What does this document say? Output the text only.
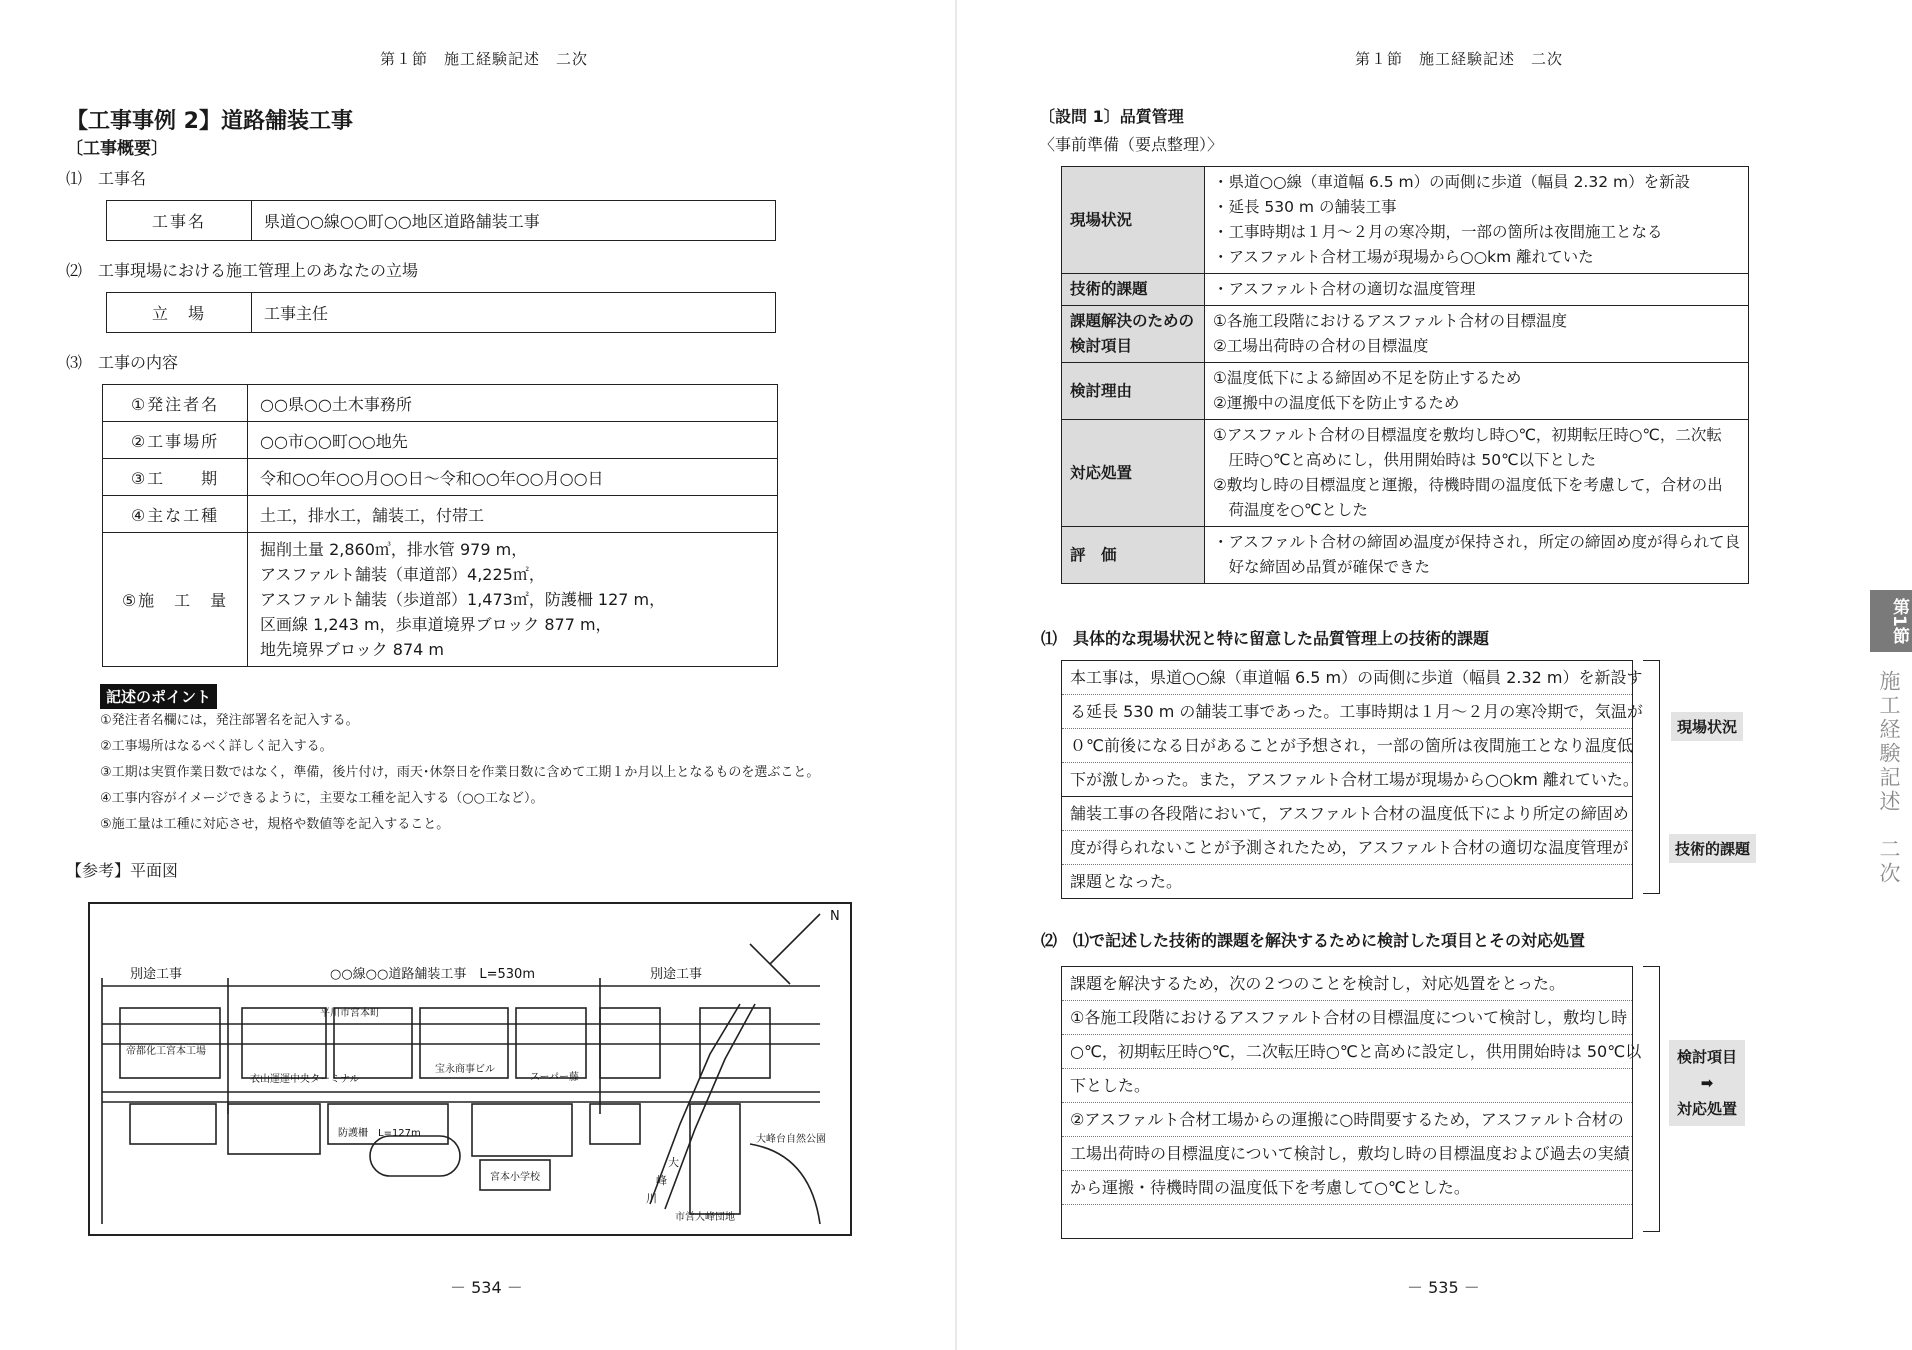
第１節　施工経験記述　二次
【工事事例 2】道路舗装工事
〔工事概要〕
⑴　工事名
工事名	県道○○線○○町○○地区道路舗装工事
⑵　工事現場における施工管理上のあなたの立場
立　場	工事主任
⑶　工事の内容
①発注者名	○○県○○土木事務所

②工事場所	○○市○○町○○地先

③工　　期	令和○○年○○月○○日～令和○○年○○月○○日

④主な工種	土工，排水工，舗装工，付帯工

⑤施　工　量	掘削土量 2,860㎥，排水管 979 m，
アスファルト舗装（車道部）4,225㎡，
アスファルト舗装（歩道部）1,473㎡，防護柵 127 m，
区画線 1,243 m，歩車道境界ブロック 877 m，
地先境界ブロック 874 m
記述のポイント
①発注者名欄には，発注部署名を記入する。
②工事場所はなるべく詳しく記入する。
③工期は実質作業日数ではなく，準備，後片付け，雨天･休祭日を作業日数に含めて工期１か月以上となるものを選ぶこと。
④工事内容がイメージできるように，主要な工種を記入する（○○工など）。
⑤施工量は工種に対応させ，規格や数値等を記入すること。
【参考】平面図
別途工事	○○線○○道路舗装工事　L=530m	別途工事
N
平川市宮本町
帝都化工宮本工場
衣山運運中央ターミナル
宝永商事ビル
スーパー藤
防護柵　L=127m
宮本小学校
大峰台自然公園
市営大峰団地
大
峰
川
－ 534 －
第１節　施工経験記述　二次
〔設問 1〕品質管理
〈事前準備（要点整理）〉
現場状況	・県道○○線（車道幅 6.5 m）の両側に歩道（幅員 2.32 m）を新設
・延長 530 m の舗装工事
・工事時期は１月～２月の寒冷期，一部の箇所は夜間施工となる
・アスファルト合材工場が現場から○○km 離れていた

技術的課題	・アスファルト合材の適切な温度管理

課題解決のための検討項目	①各施工段階におけるアスファルト合材の目標温度
②工場出荷時の合材の目標温度

検討理由	①温度低下による締固め不足を防止するため
②運搬中の温度低下を防止するため

対応処置	①アスファルト合材の目標温度を敷均し時○℃，初期転圧時○℃，二次転
　圧時○℃と高めにし，供用開始時は 50℃以下とした
②敷均し時の目標温度と運搬，待機時間の温度低下を考慮して，合材の出
　荷温度を○℃とした

評　価	・アスファルト合材の締固め温度が保持され，所定の締固め度が得られて良
　好な締固め品質が確保できた
⑴　具体的な現場状況と特に留意した品質管理上の技術的課題
本工事は，県道○○線（車道幅 6.5 m）の両側に歩道（幅員 2.32 m）を新設す
る延長 530 m の舗装工事であった。工事時期は１月～２月の寒冷期で，気温が
０℃前後になる日があることが予想され，一部の箇所は夜間施工となり温度低
下が激しかった。また，アスファルト合材工場が現場から○○km 離れていた。
舗装工事の各段階において，アスファルト合材の温度低下により所定の締固め
度が得られないことが予測されたため，アスファルト合材の適切な温度管理が
課題となった。
現場状況
技術的課題
⑵　⑴で記述した技術的課題を解決するために検討した項目とその対応処置
課題を解決するため，次の２つのことを検討し，対応処置をとった。
①各施工段階におけるアスファルト合材の目標温度について検討し，敷均し時
○℃，初期転圧時○℃，二次転圧時○℃と高めに設定し，供用開始時は 50℃以
下とした。
②アスファルト合材工場からの運搬に○時間要するため，アスファルト合材の
工場出荷時の目標温度について検討し，敷均し時の目標温度および過去の実績
から運搬・待機時間の温度低下を考慮して○℃とした。
検討項目
➡
対応処置
－ 535 －
第1節
施工経験記述　二次
